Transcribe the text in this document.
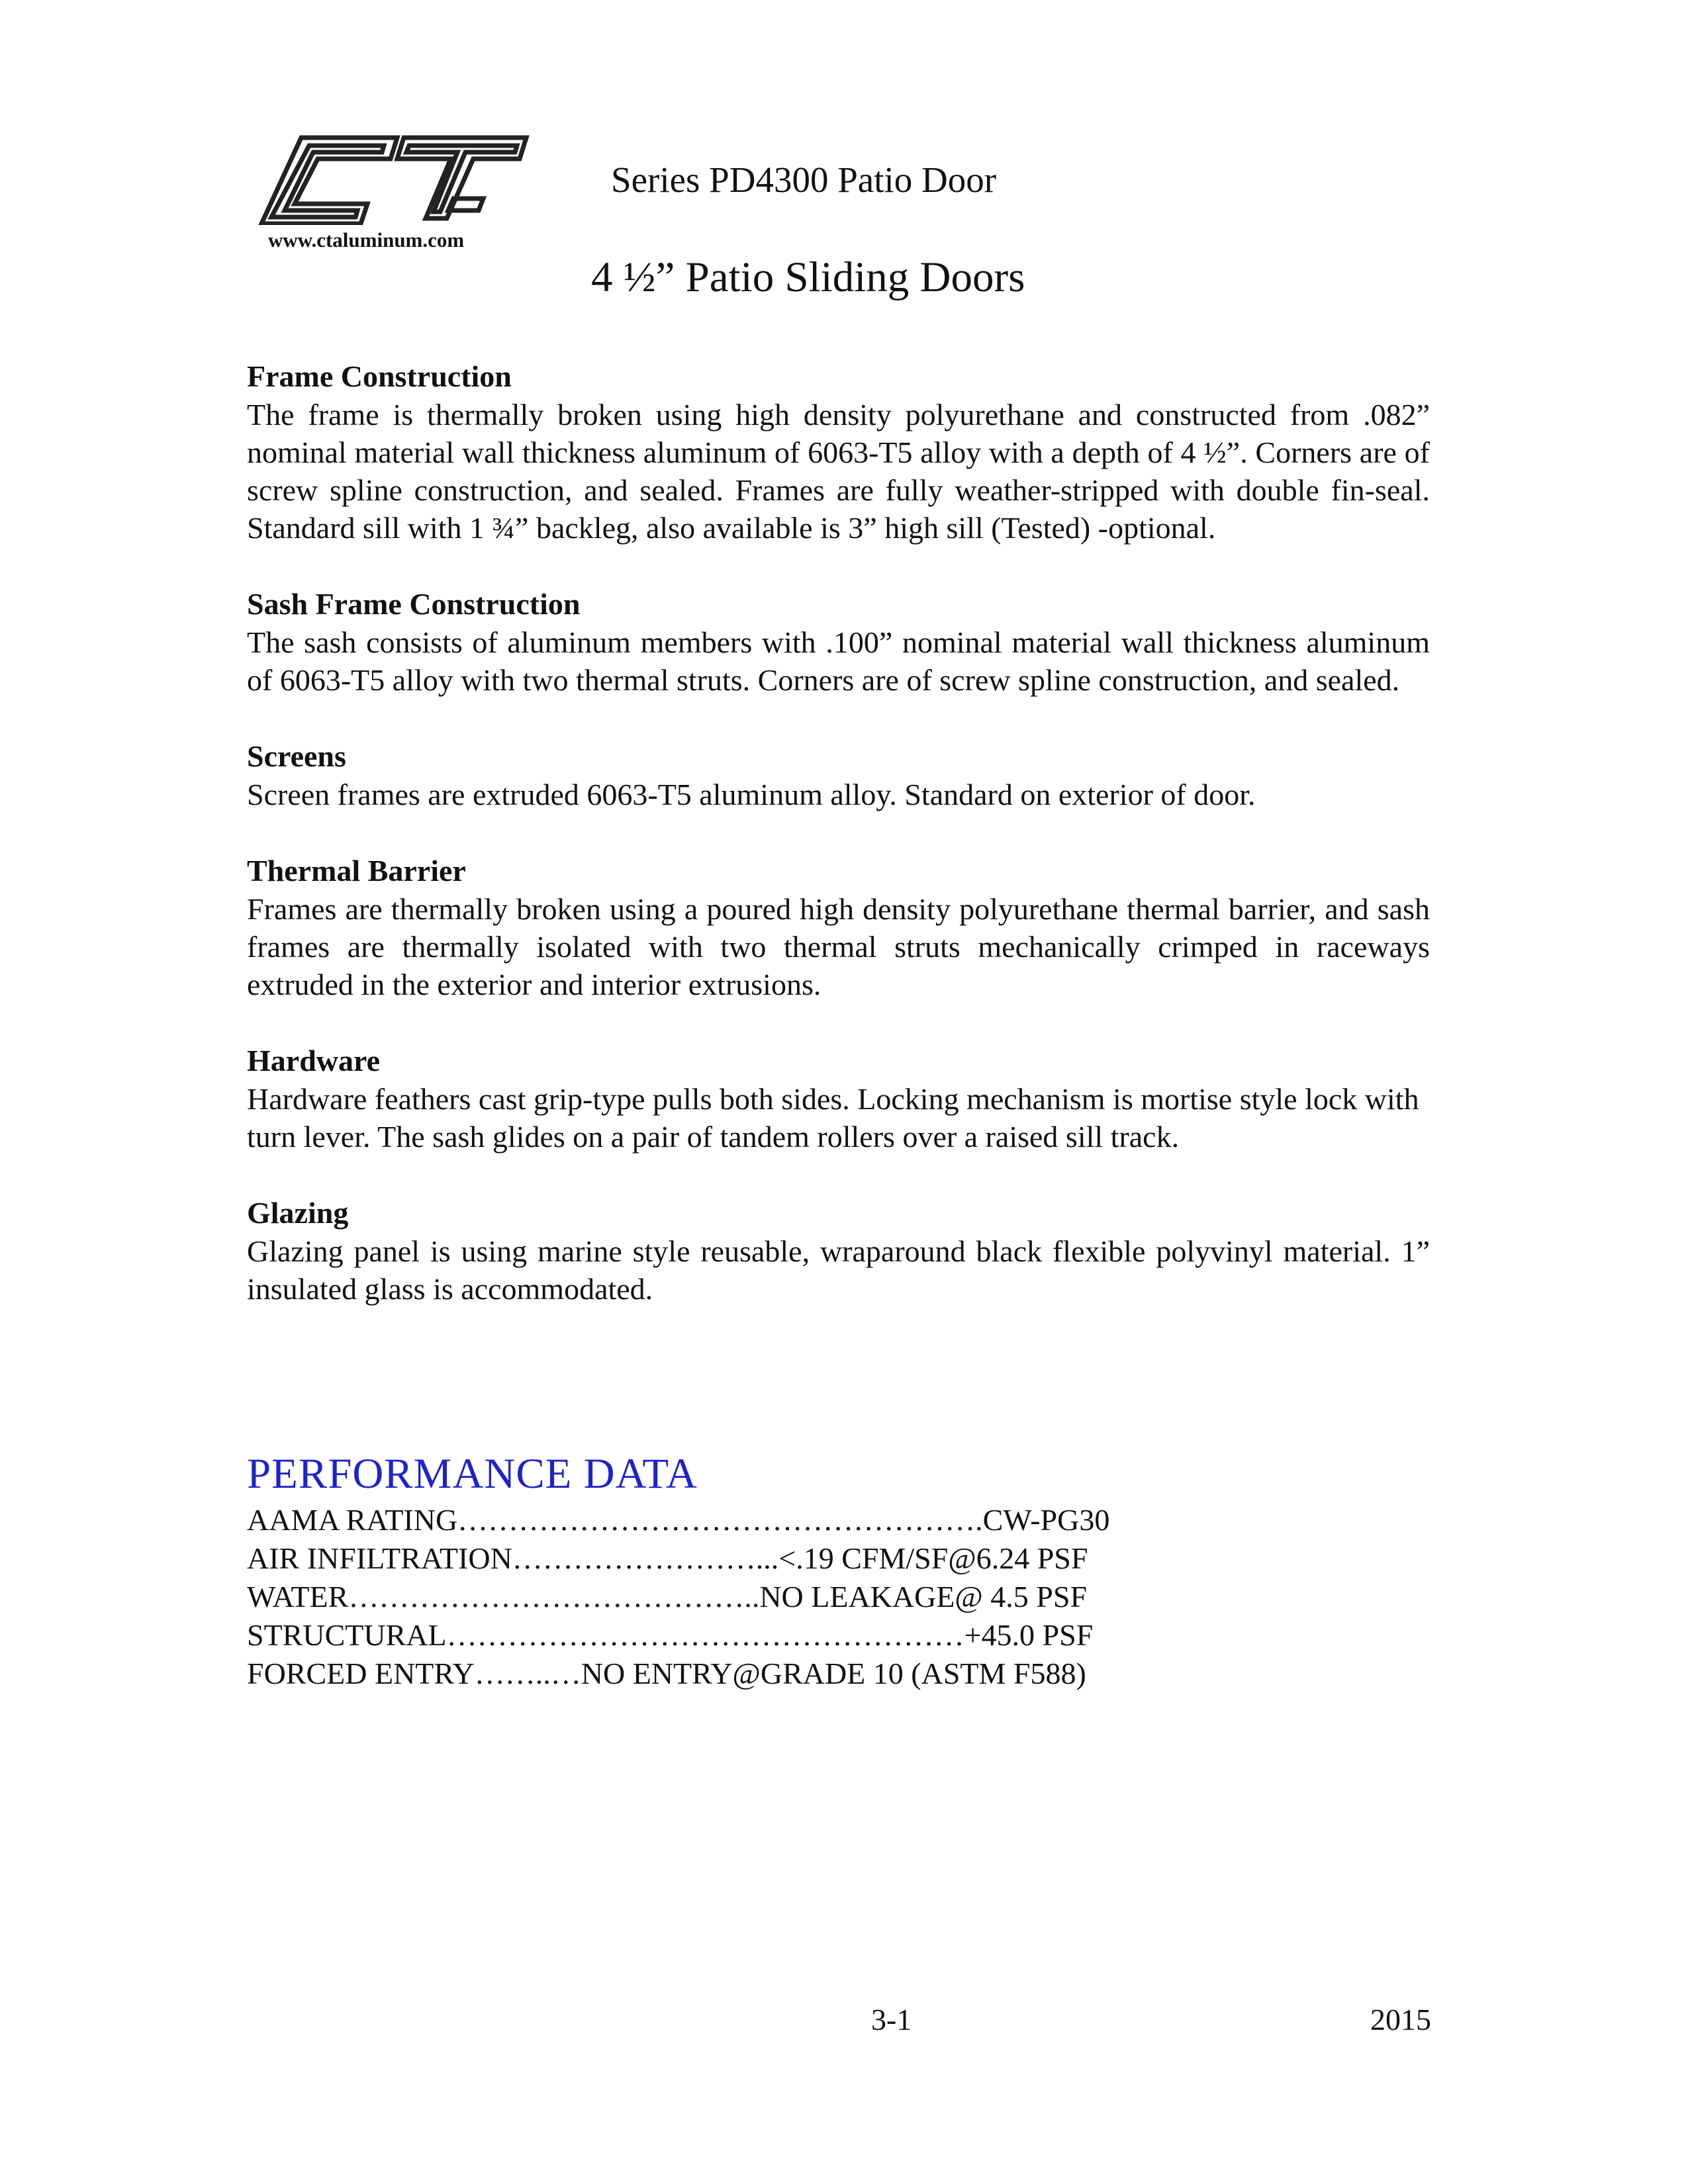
www.ctaluminum.com
Series PD4300 Patio Door
4 ½” Patio Sliding Doors
Frame Construction
The frame is thermally broken using high density polyurethane and constructed from .082” nominal material wall thickness aluminum of 6063-T5 alloy with a depth of 4 ½”. Corners are of screw spline construction, and sealed. Frames are fully weather-stripped with double fin-seal. Standard sill with 1 ¾” backleg, also available is 3” high sill (Tested) -optional.
Sash Frame Construction
The sash consists of aluminum members with .100” nominal material wall thickness aluminum of 6063-T5 alloy with two thermal struts. Corners are of screw spline construction, and sealed.
Screens
Screen frames are extruded 6063-T5 aluminum alloy. Standard on exterior of door.
Thermal Barrier
Frames are thermally broken using a poured high density polyurethane thermal barrier, and sash frames are thermally isolated with two thermal struts mechanically crimped in raceways extruded in the exterior and interior extrusions.
Hardware
Hardware feathers cast grip-type pulls both sides. Locking mechanism is mortise style lock with turn lever. The sash glides on a pair of tandem rollers over a raised sill track.
Glazing
Glazing panel is using marine style reusable, wraparound black flexible polyvinyl material. 1” insulated glass is accommodated.
PERFORMANCE DATA
AAMA RATING…………………………………………….CW-PG30
AIR INFILTRATION……………………...<.19 CFM/SF@6.24 PSF
WATER…………………………………..NO LEAKAGE@ 4.5 PSF
STRUCTURAL……………………………………………+45.0 PSF
FORCED ENTRY……..…NO ENTRY@GRADE 10 (ASTM F588)
3-1	2015
